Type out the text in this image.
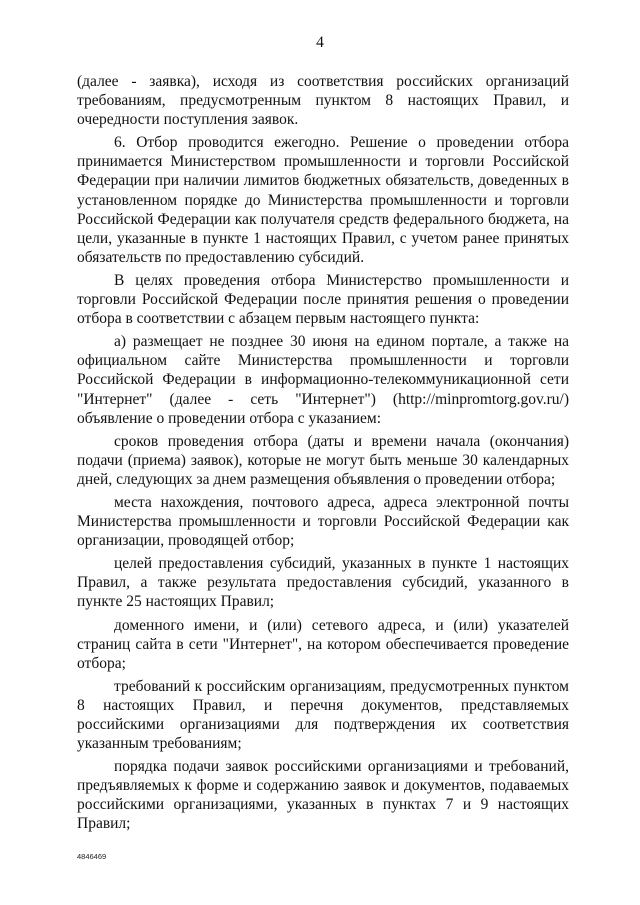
4

(далее - заявка), исходя из соответствия российских организаций требованиям, предусмотренным пунктом 8 настоящих Правил, и очередности поступления заявок.

6. Отбор проводится ежегодно. Решение о проведении отбора принимается Министерством промышленности и торговли Российской Федерации при наличии лимитов бюджетных обязательств, доведенных в установленном порядке до Министерства промышленности и торговли Российской Федерации как получателя средств федерального бюджета, на цели, указанные в пункте 1 настоящих Правил, с учетом ранее принятых обязательств по предоставлению субсидий.

В целях проведения отбора Министерство промышленности и торговли Российской Федерации после принятия решения о проведении отбора в соответствии с абзацем первым настоящего пункта:

а) размещает не позднее 30 июня на едином портале, а также на официальном сайте Министерства промышленности и торговли Российской Федерации в информационно-телекоммуникационной сети "Интернет" (далее - сеть "Интернет") (http://minpromtorg.gov.ru/) объявление о проведении отбора с указанием:

сроков проведения отбора (даты и времени начала (окончания) подачи (приема) заявок), которые не могут быть меньше 30 календарных дней, следующих за днем размещения объявления о проведении отбора;

места нахождения, почтового адреса, адреса электронной почты Министерства промышленности и торговли Российской Федерации как организации, проводящей отбор;

целей предоставления субсидий, указанных в пункте 1 настоящих Правил, а также результата предоставления субсидий, указанного в пункте 25 настоящих Правил;

доменного имени, и (или) сетевого адреса, и (или) указателей страниц сайта в сети "Интернет", на котором обеспечивается проведение отбора;

требований к российским организациям, предусмотренных пунктом 8 настоящих Правил, и перечня документов, представляемых российскими организациями для подтверждения их соответствия указанным требованиям;

порядка подачи заявок российскими организациями и требований, предъявляемых к форме и содержанию заявок и документов, подаваемых российскими организациями, указанных в пунктах 7 и 9 настоящих Правил;

4846469
